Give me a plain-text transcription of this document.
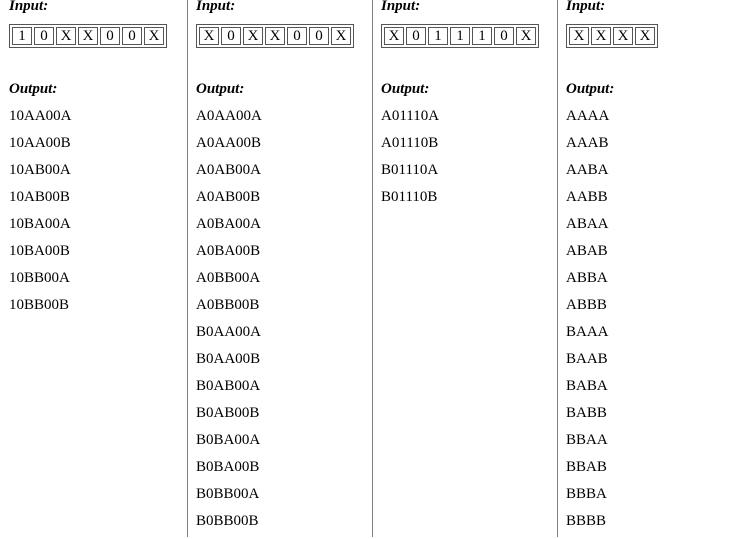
Input:
1 0 X X 0 0 X
Output:
10AA00A
10AA00B
10AB00A
10AB00B
10BA00A
10BA00B
10BB00A
10BB00B
Input:
X 0 X X 0 0 X
Output:
A0AA00A
A0AA00B
A0AB00A
A0AB00B
A0BA00A
A0BA00B
A0BB00A
A0BB00B
B0AA00A
B0AA00B
B0AB00A
B0AB00B
B0BA00A
B0BA00B
B0BB00A
B0BB00B
Input:
X 0 1 1 1 0 X
Output:
A01110A
A01110B
B01110A
B01110B
Input:
X X X X
Output:
AAAA
AAAB
AABA
AABB
ABAA
ABAB
ABBA
ABBB
BAAA
BAAB
BABA
BABB
BBAA
BBAB
BBBA
BBBB
